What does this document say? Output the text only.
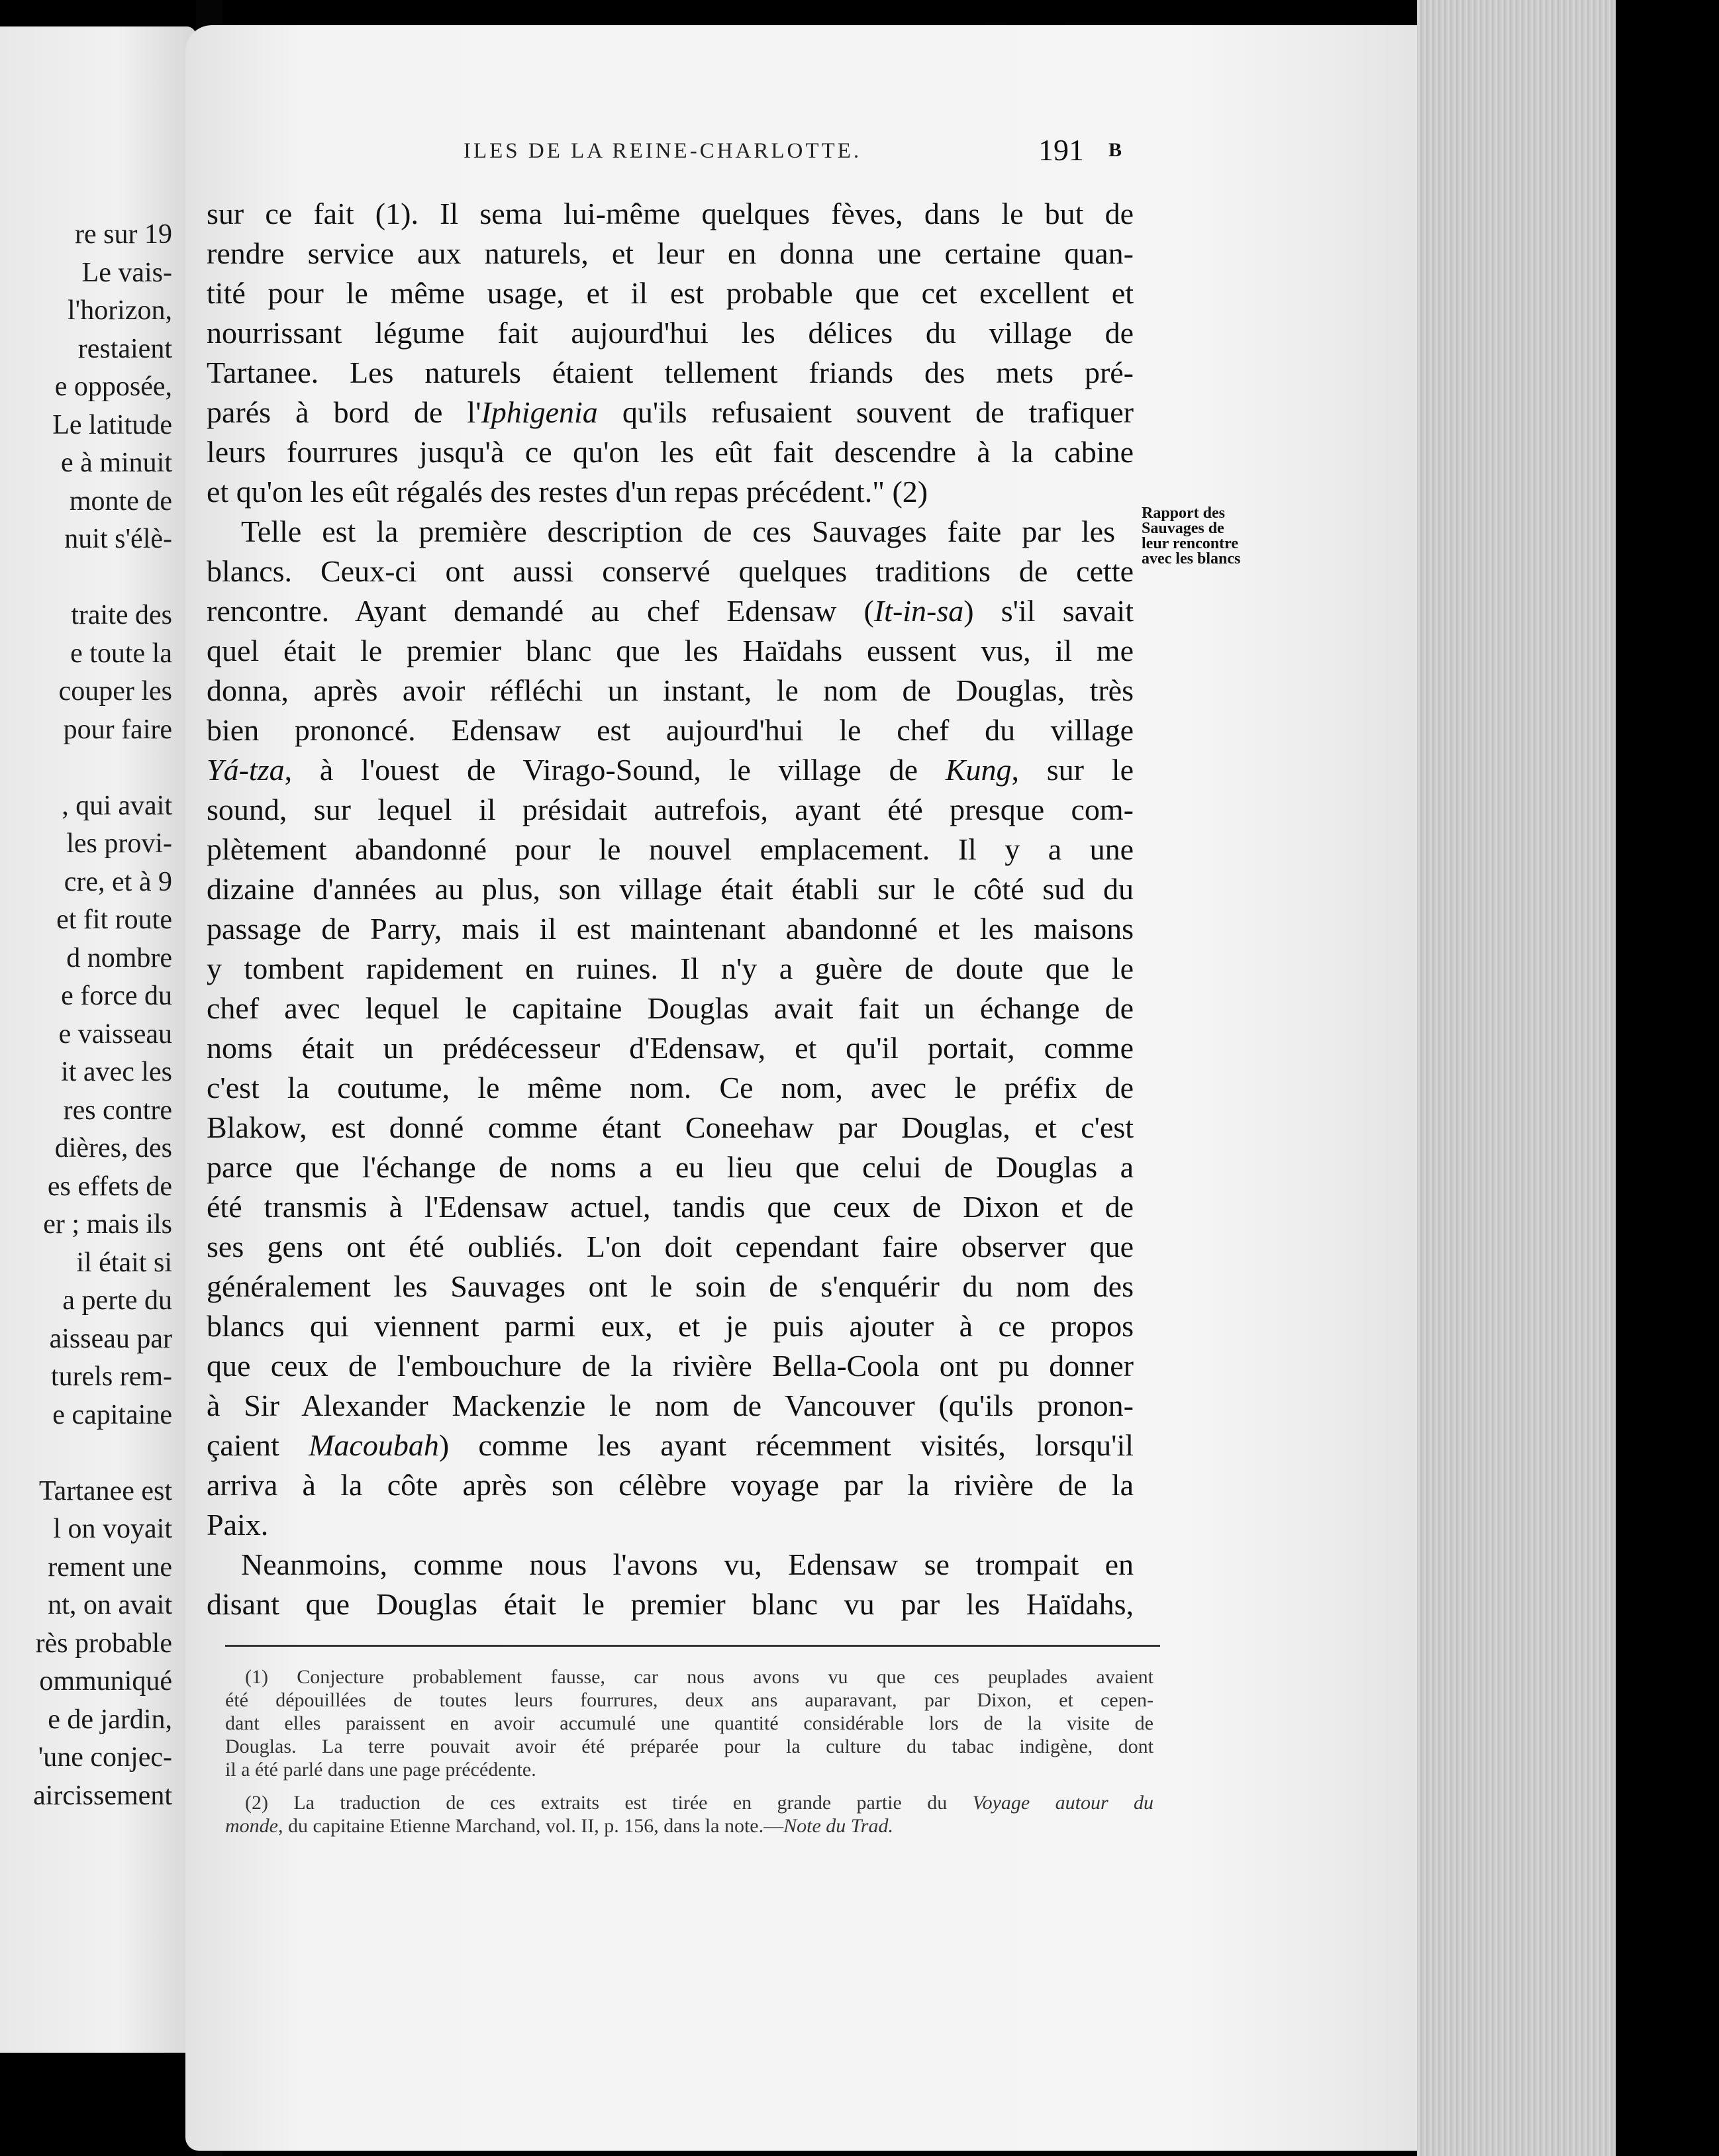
re sur 19
Le vais-
l'horizon,
restaient
e opposée,
Le latitude
e à minuit
monte de
nuit s'élè-
traite des
e toute la
couper les
pour faire
, qui avait
les provi-
cre, et à 9
et fit route
d nombre
e force du
e vaisseau
it avec les
res contre
dières, des
es effets de
er ; mais ils
il était si
a perte du
aisseau par
turels rem-
e capitaine
Tartanee est
l on voyait
rement une
nt, on avait
rès probable
ommuniqué
e de jardin,
'une conjec-
aircissement
ILES DE LA REINE-CHARLOTTE.	191 B
sur ce fait (1). Il sema lui-même quelques fèves, dans le but de
rendre service aux naturels, et leur en donna une certaine quan-
tité pour le même usage, et il est probable que cet excellent et
nourrissant légume fait aujourd'hui les délices du village de
Tartanee. Les naturels étaient tellement friands des mets pré-
parés à bord de l'Iphigenia qu'ils refusaient souvent de trafiquer
leurs fourrures jusqu'à ce qu'on les eût fait descendre à la cabine
et qu'on les eût régalés des restes d'un repas précédent." (2)
Telle est la première description de ces Sauvages faite par les
blancs. Ceux-ci ont aussi conservé quelques traditions de cette
rencontre. Ayant demandé au chef Edensaw (It-in-sa) s'il savait
quel était le premier blanc que les Haïdahs eussent vus, il me
donna, après avoir réfléchi un instant, le nom de Douglas, très
bien prononcé. Edensaw est aujourd'hui le chef du village
Yá-tza, à l'ouest de Virago-Sound, le village de Kung, sur le
sound, sur lequel il présidait autrefois, ayant été presque com-
plètement abandonné pour le nouvel emplacement. Il y a une
dizaine d'années au plus, son village était établi sur le côté sud du
passage de Parry, mais il est maintenant abandonné et les maisons
y tombent rapidement en ruines. Il n'y a guère de doute que le
chef avec lequel le capitaine Douglas avait fait un échange de
noms était un prédécesseur d'Edensaw, et qu'il portait, comme
c'est la coutume, le même nom. Ce nom, avec le préfix de
Blakow, est donné comme étant Coneehaw par Douglas, et c'est
parce que l'échange de noms a eu lieu que celui de Douglas a
été transmis à l'Edensaw actuel, tandis que ceux de Dixon et de
ses gens ont été oubliés. L'on doit cependant faire observer que
généralement les Sauvages ont le soin de s'enquérir du nom des
blancs qui viennent parmi eux, et je puis ajouter à ce propos
que ceux de l'embouchure de la rivière Bella-Coola ont pu donner
à Sir Alexander Mackenzie le nom de Vancouver (qu'ils pronon-
çaient Macoubah) comme les ayant récemment visités, lorsqu'il
arriva à la côte après son célèbre voyage par la rivière de la
Paix.
Neanmoins, comme nous l'avons vu, Edensaw se trompait en
disant que Douglas était le premier blanc vu par les Haïdahs,
Rapport des
Sauvages de
leur rencontre
avec les blancs
(1) Conjecture probablement fausse, car nous avons vu que ces peuplades avaient
été dépouillées de toutes leurs fourrures, deux ans auparavant, par Dixon, et cepen-
dant elles paraissent en avoir accumulé une quantité considérable lors de la visite de
Douglas. La terre pouvait avoir été préparée pour la culture du tabac indigène, dont
il a été parlé dans une page précédente.
(2) La traduction de ces extraits est tirée en grande partie du Voyage autour du
monde, du capitaine Etienne Marchand, vol. II, p. 156, dans la note.—Note du Trad.
